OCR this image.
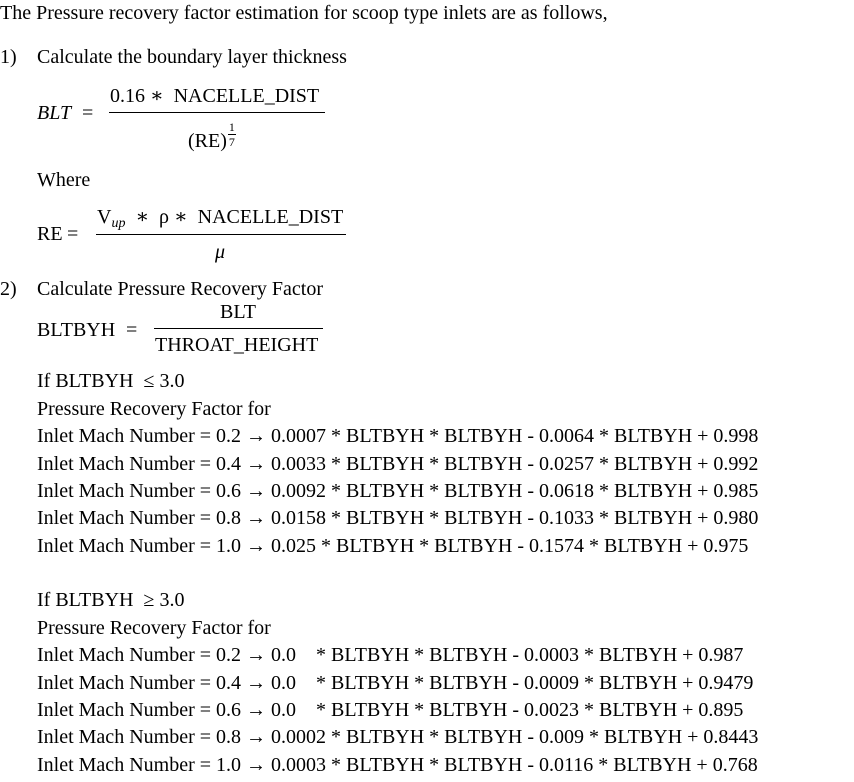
The Pressure recovery factor estimation for scoop type inlets are as follows,
1) Calculate the boundary layer thickness
BLT =
0.16 ∗  NACELLE_DIST
$(RE) \frac{1}{7}$
Where
RE =
$V_{up}$  ∗  ρ ∗  NACELLE_DIST
μ
2) Calculate Pressure Recovery Factor
BLTBYH =
BLT
THROAT_HEIGHT
If BLTBYH  ≤ 3.0
Pressure Recovery Factor for
Inlet Mach Number = 0.2 → 0.0007 * BLTBYH * BLTBYH - 0.0064 * BLTBYH + 0.998
Inlet Mach Number = 0.4 → 0.0033 * BLTBYH * BLTBYH - 0.0257 * BLTBYH + 0.992
Inlet Mach Number = 0.6 → 0.0092 * BLTBYH * BLTBYH - 0.0618 * BLTBYH + 0.985
Inlet Mach Number = 0.8 → 0.0158 * BLTBYH * BLTBYH - 0.1033 * BLTBYH + 0.980
Inlet Mach Number = 1.0 → 0.025 * BLTBYH * BLTBYH - 0.1574 * BLTBYH + 0.975
If BLTBYH  ≥ 3.0
Pressure Recovery Factor for
Inlet Mach Number = 0.2 → 0.0    * BLTBYH * BLTBYH - 0.0003 * BLTBYH + 0.987
Inlet Mach Number = 0.4 → 0.0    * BLTBYH * BLTBYH - 0.0009 * BLTBYH + 0.9479
Inlet Mach Number = 0.6 → 0.0    * BLTBYH * BLTBYH - 0.0023 * BLTBYH + 0.895
Inlet Mach Number = 0.8 → 0.0002 * BLTBYH * BLTBYH - 0.009 * BLTBYH + 0.8443
Inlet Mach Number = 1.0 → 0.0003 * BLTBYH * BLTBYH - 0.0116 * BLTBYH + 0.768
